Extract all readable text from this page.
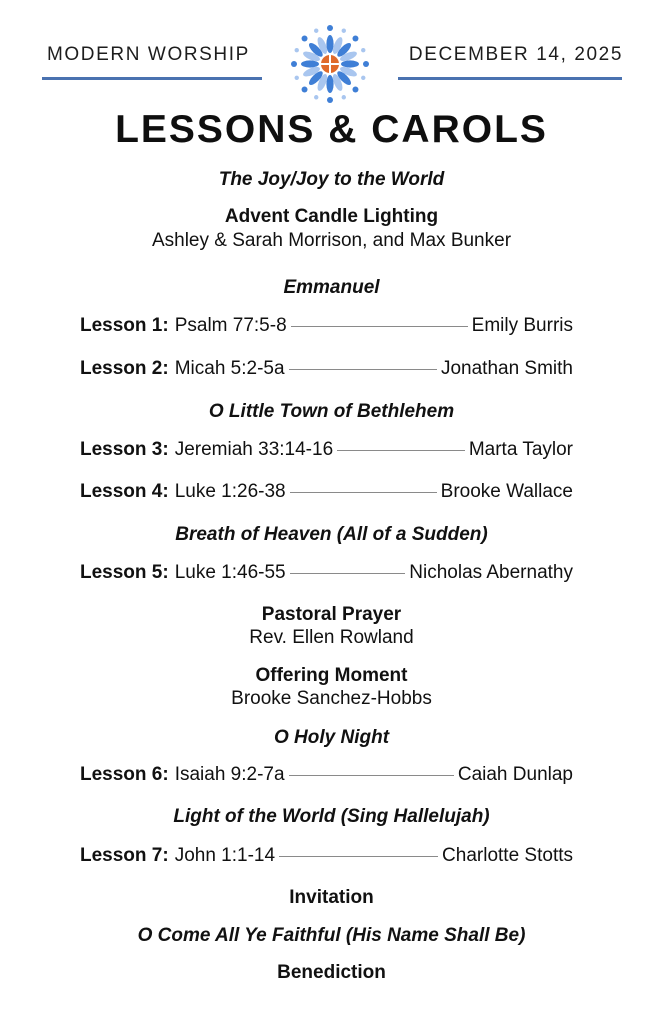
MODERN WORSHIP	DECEMBER 14, 2025
LESSONS & CAROLS
The Joy/Joy to the World
Advent Candle Lighting
Ashley & Sarah Morrison, and Max Bunker
Emmanuel
Lesson 1: Psalm 77:5-8	Emily Burris
Lesson 2: Micah 5:2-5a	Jonathan Smith
O Little Town of Bethlehem
Lesson 3: Jeremiah 33:14-16	Marta Taylor
Lesson 4: Luke 1:26-38	Brooke Wallace
Breath of Heaven (All of a Sudden)
Lesson 5: Luke 1:46-55	Nicholas Abernathy
Pastoral Prayer
Rev. Ellen Rowland
Offering Moment
Brooke Sanchez-Hobbs
O Holy Night
Lesson 6: Isaiah 9:2-7a	Caiah Dunlap
Light of the World (Sing Hallelujah)
Lesson 7: John 1:1-14	Charlotte Stotts
Invitation
O Come All Ye Faithful (His Name Shall Be)
Benediction
